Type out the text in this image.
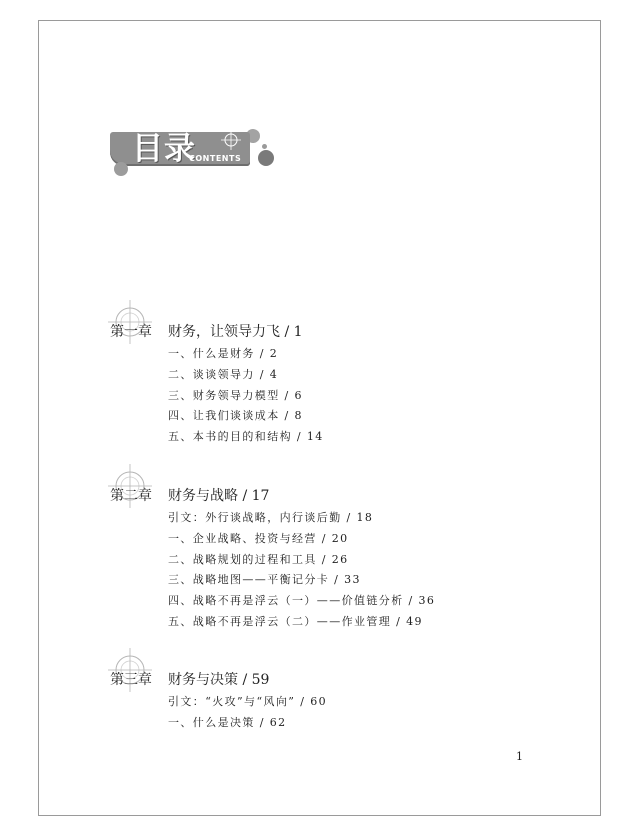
目录
CONTENTS
第一章 财务，让领导力飞 / 1
一、什么是财务 / 2
二、谈谈领导力 / 4
三、财务领导力模型 / 6
四、让我们谈谈成本 / 8
五、本书的目的和结构 / 14
第二章 财务与战略 / 17
引文：外行谈战略，内行谈后勤 / 18
一、企业战略、投资与经营 / 20
二、战略规划的过程和工具 / 26
三、战略地图——平衡记分卡 / 33
四、战略不再是浮云（一）——价值链分析 / 36
五、战略不再是浮云（二）——作业管理 / 49
第三章 财务与决策 / 59
引文：“火攻”与“风向” / 60
一、什么是决策 / 62
1
